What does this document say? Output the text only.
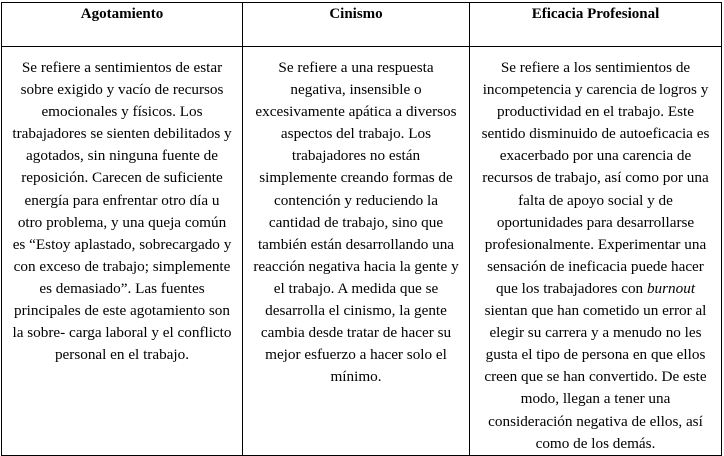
Agotamiento	Cinismo	Eficacia Profesional

Se refiere a sentimientos de estar
sobre exigido y vacío de recursos
emocionales y físicos. Los
trabajadores se sienten debilitados y
agotados, sin ninguna fuente de
reposición. Carecen de suficiente
energía para enfrentar otro día u
otro problema, y una queja común
es “Estoy aplastado, sobrecargado y
con exceso de trabajo; simplemente
es demasiado”. Las fuentes
principales de este agotamiento son
la sobre- carga laboral y el conflicto
personal en el trabajo.

Se refiere a una respuesta
negativa, insensible o
excesivamente apática a diversos
aspectos del trabajo. Los
trabajadores no están
simplemente creando formas de
contención y reduciendo la
cantidad de trabajo, sino que
también están desarrollando una
reacción negativa hacia la gente y
el trabajo. A medida que se
desarrolla el cinismo, la gente
cambia desde tratar de hacer su
mejor esfuerzo a hacer solo el
mínimo.

Se refiere a los sentimientos de
incompetencia y carencia de logros y
productividad en el trabajo. Este
sentido disminuido de autoeficacia es
exacerbado por una carencia de
recursos de trabajo, así como por una
falta de apoyo social y de
oportunidades para desarrollarse
profesionalmente. Experimentar una
sensación de ineficacia puede hacer
que los trabajadores con burnout
sientan que han cometido un error al
elegir su carrera y a menudo no les
gusta el tipo de persona en que ellos
creen que se han convertido. De este
modo, llegan a tener una
consideración negativa de ellos, así
como de los demás.
